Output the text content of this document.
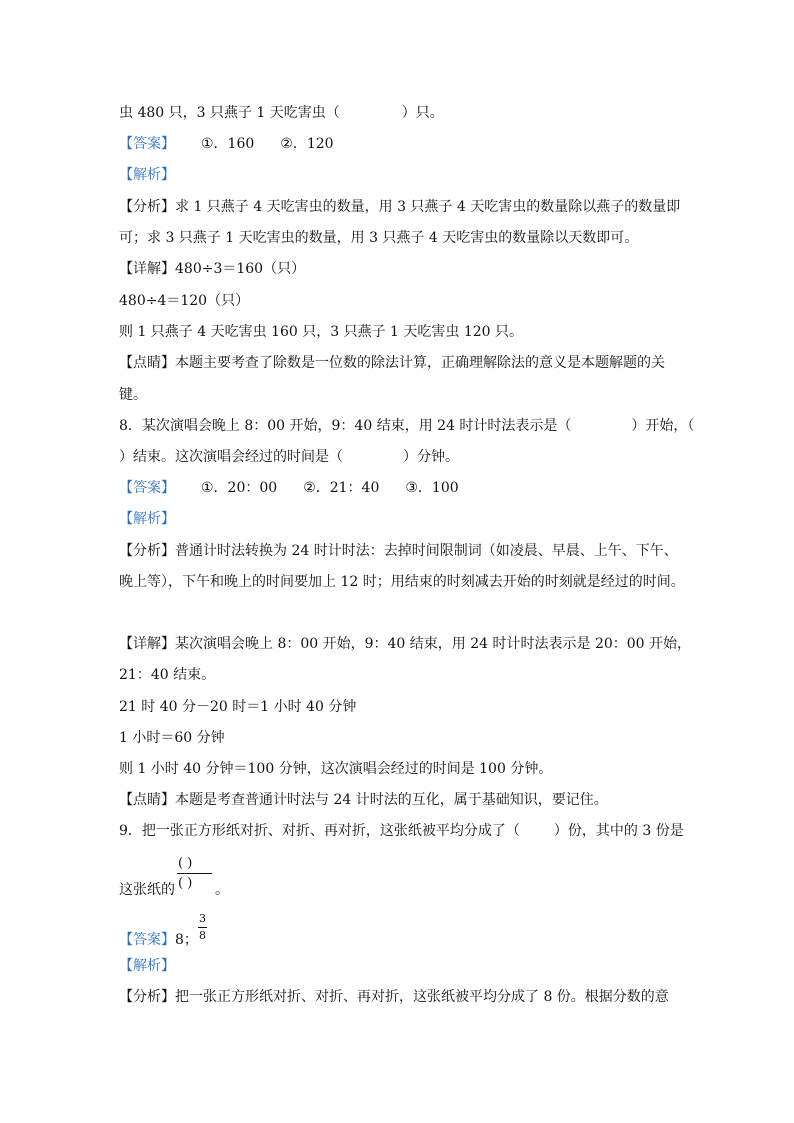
虫 480 只，3 只燕子 1 天吃害虫（	）只。
【答案】 ①．160 ②．120
【解析】
【分析】求 1 只燕子 4 天吃害虫的数量，用 3 只燕子 4 天吃害虫的数量除以燕子的数量即
可；求 3 只燕子 1 天吃害虫的数量，用 3 只燕子 4 天吃害虫的数量除以天数即可。
【详解】480÷3＝160（只）
480÷4＝120（只）
则 1 只燕子 4 天吃害虫 160 只，3 只燕子 1 天吃害虫 120 只。
【点睛】本题主要考查了除数是一位数的除法计算，正确理解除法的意义是本题解题的关
键。
8．某次演唱会晚上 8：00 开始，9：40 结束，用 24 时计时法表示是（	）开始，（
）结束。这次演唱会经过的时间是（	）分钟。
【答案】 ①．20：00 ②．21：40 ③．100
【解析】
【分析】普通计时法转换为 24 时计时法：去掉时间限制词（如凌晨、早晨、上午、下午、
晚上等），下午和晚上的时间要加上 12 时；用结束的时刻减去开始的时刻就是经过的时间。
【详解】某次演唱会晚上 8：00 开始，9：40 结束，用 24 时计时法表示是 20：00 开始，
21：40 结束。
21 时 40 分－20 时＝1 小时 40 分钟
1 小时＝60 分钟
则 1 小时 40 分钟＝100 分钟，这次演唱会经过的时间是 100 分钟。
【点睛】本题是考查普通计时法与 24 计时法的互化，属于基础知识，要记住。
9．把一张正方形纸对折、对折、再对折，这张纸被平均分成了（ ）份，其中的 3 份是
( )
( )
这张纸的	。
【答案】8；
3
8
【解析】
【分析】把一张正方形纸对折、对折、再对折，这张纸被平均分成了 8 份。根据分数的意
